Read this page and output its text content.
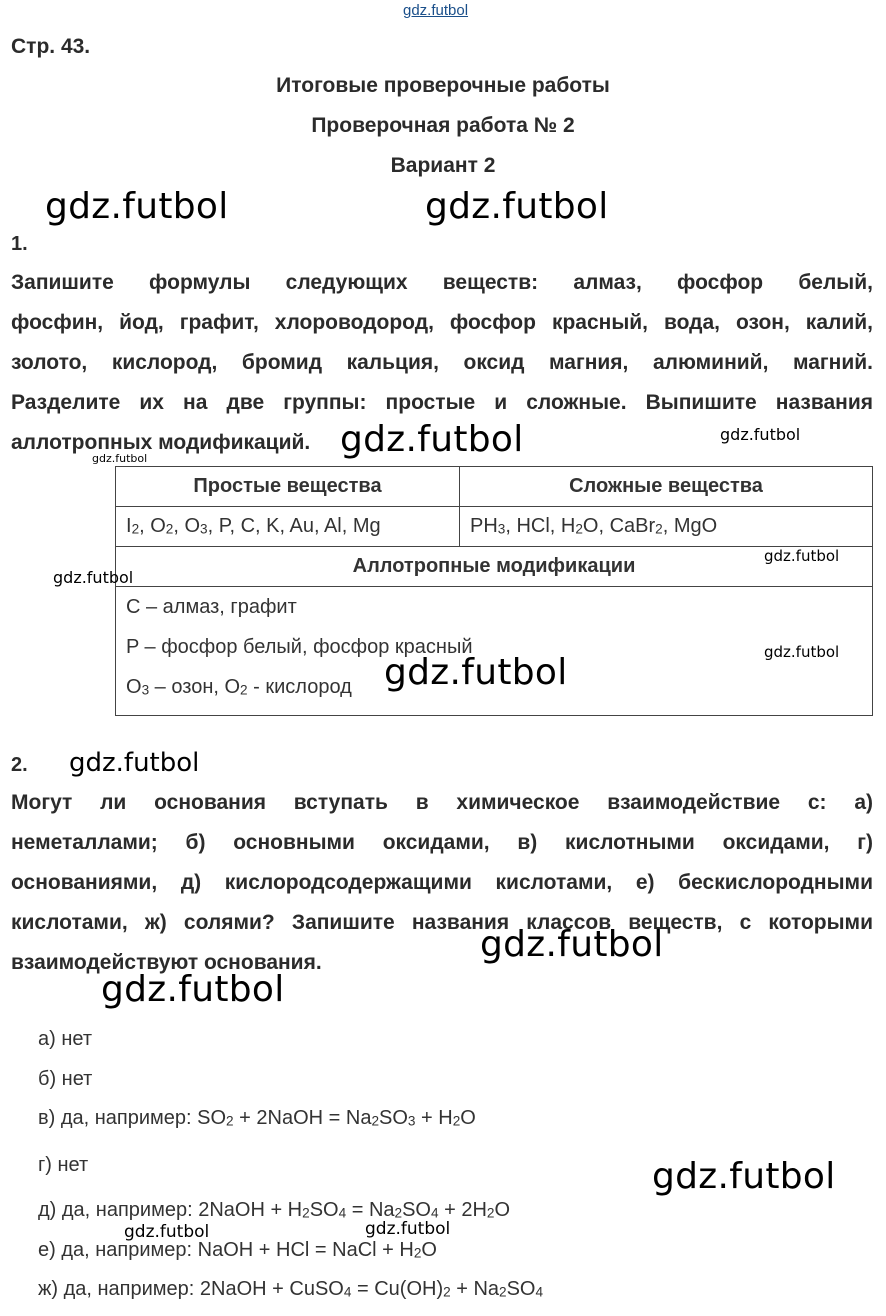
gdz.futbol
Стр. 43.
Итоговые проверочные работы
Проверочная работа № 2
Вариант 2
gdz.futbol	gdz.futbol
1.
Запишите формулы следующих веществ: алмаз, фосфор белый,
фосфин, йод, графит, хлороводород, фосфор красный, вода, озон, калий,
золото, кислород, бромид кальция, оксид магния, алюминий, магний.
Разделите их на две группы: простые и сложные. Выпишите названия
аллотропных модификаций. gdz.futbol	gdz.futbol
gdz.futbol
Простые вещества	Сложные вещества
$I_2$, $O_2$, $O_3$, P, C, K, Au, Al, Mg	$PH_3$, HCl, $H_2O$, CaBr$_2$, MgO
Аллотропные модификации	

C – алмаз, графит
P – фосфор белый, фосфор красный
$O_3$ – озон, $O_2$ - кислород	
gdz.futbol
gdz.futbol
gdz.futbol
gdz.futbol
2. gdz.futbol
Могут ли основания вступать в химическое взаимодействие с: а)
неметаллами; б) основными оксидами, в) кислотными оксидами, г)
основаниями, д) кислородсодержащими кислотами, е) бескислородными
кислотами, ж) солями? Запишите названия классов веществ, с которыми
взаимодействуют основания.	gdz.futbol
gdz.futbol
а) нет
б) нет
в) да, например: $SO_2$ + 2NaOH = $Na_2SO_3 + H_2O$
г) нет
д) да, например: 2NaOH + $H_2SO_4 = Na_2SO_4 + 2H_2O$
е) да, например: NaOH + HCl = NaCl + $H_2O$
ж) да, например: 2NaOH + CuSO$_4$ = $Cu(OH)_2 + Na_2SO_4$
gdz.futbol
gdz.futbol	gdz.futbol
